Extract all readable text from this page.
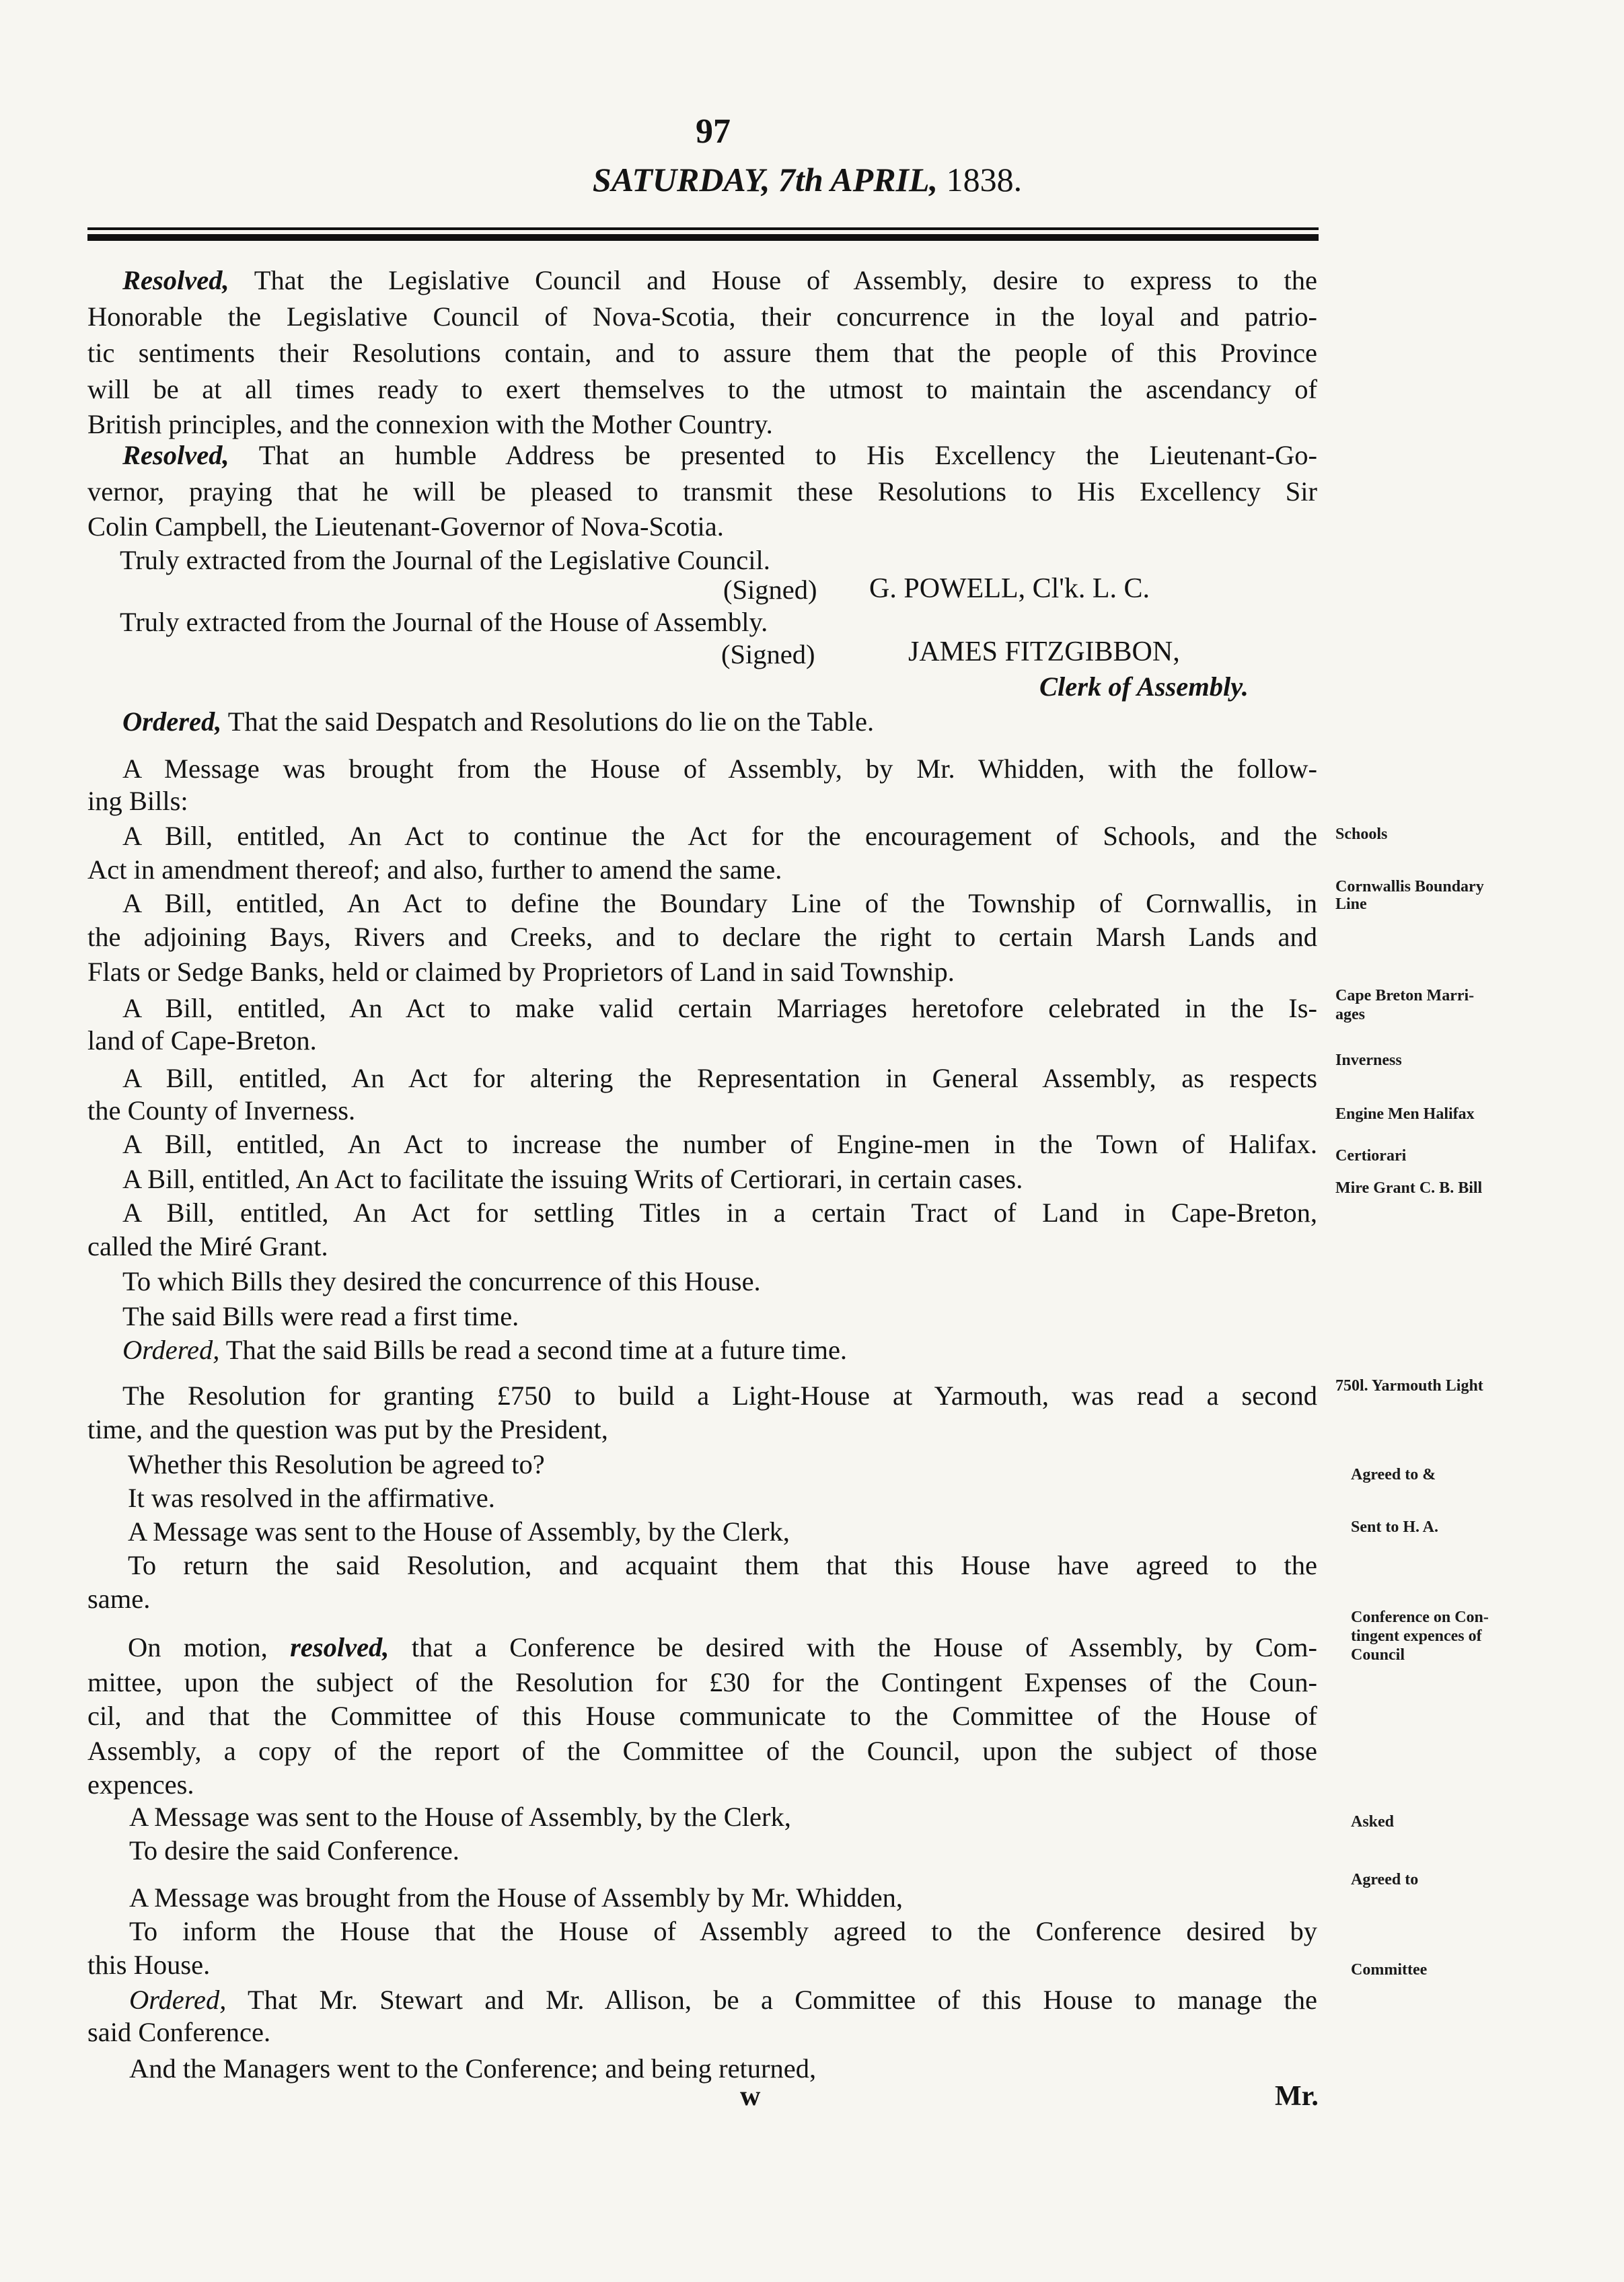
97
SATURDAY, 7th APRIL, 1838.
Resolved, That the Legislative Council and House of Assembly, desire to express to the
Honorable the Legislative Council of Nova-Scotia, their concurrence in the loyal and patrio-
tic sentiments their Resolutions contain, and to assure them that the people of this Province
will be at all times ready to exert themselves to the utmost to maintain the ascendancy of
British principles, and the connexion with the Mother Country.
Resolved, That an humble Address be presented to His Excellency the Lieutenant-Go-
vernor, praying that he will be pleased to transmit these Resolutions to His Excellency Sir
Colin Campbell, the Lieutenant-Governor of Nova-Scotia.
Truly extracted from the Journal of the Legislative Council.
(Signed) G. POWELL, Cl'k. L. C.
Truly extracted from the Journal of the House of Assembly.
(Signed)	JAMES FITZGIBBON,
Clerk of Assembly.
Ordered, That the said Despatch and Resolutions do lie on the Table.
A Message was brought from the House of Assembly, by Mr. Whidden, with the follow-
ing Bills:
A Bill, entitled, An Act to continue the Act for the encouragement of Schools, and the
Act in amendment thereof; and also, further to amend the same.
A Bill, entitled, An Act to define the Boundary Line of the Township of Cornwallis, in
the adjoining Bays, Rivers and Creeks, and to declare the right to certain Marsh Lands and
Flats or Sedge Banks, held or claimed by Proprietors of Land in said Township.
A Bill, entitled, An Act to make valid certain Marriages heretofore celebrated in the Is-
land of Cape-Breton.
A Bill, entitled, An Act for altering the Representation in General Assembly, as respects
the County of Inverness.
A Bill, entitled, An Act to increase the number of Engine-men in the Town of Halifax.
A Bill, entitled, An Act to facilitate the issuing Writs of Certiorari, in certain cases.
A Bill, entitled, An Act for settling Titles in a certain Tract of Land in Cape-Breton,
called the Miré Grant.
To which Bills they desired the concurrence of this House.
The said Bills were read a first time.
Ordered, That the said Bills be read a second time at a future time.
The Resolution for granting £750 to build a Light-House at Yarmouth, was read a second
time, and the question was put by the President,
Whether this Resolution be agreed to?
It was resolved in the affirmative.
A Message was sent to the House of Assembly, by the Clerk,
To return the said Resolution, and acquaint them that this House have agreed to the
same.
On motion, resolved, that a Conference be desired with the House of Assembly, by Com-
mittee, upon the subject of the Resolution for £30 for the Contingent Expenses of the Coun-
cil, and that the Committee of this House communicate to the Committee of the House of
Assembly, a copy of the report of the Committee of the Council, upon the subject of those
expences.
A Message was sent to the House of Assembly, by the Clerk,
To desire the said Conference.
A Message was brought from the House of Assembly by Mr. Whidden,
To inform the House that the House of Assembly agreed to the Conference desired by
this House.
Ordered, That Mr. Stewart and Mr. Allison, be a Committee of this House to manage the
said Conference.
And the Managers went to the Conference; and being returned,
Schools
Cornwallis Boundary
Line
Cape Breton Marri-
ages
Inverness
Engine Men Halifax
Certiorari
Mire Grant C. B. Bill
750l. Yarmouth Light
Agreed to &
Sent to H. A.
Conference on Con-
tingent expences of
Council
Asked
Agreed to
Committee
w	Mr.
